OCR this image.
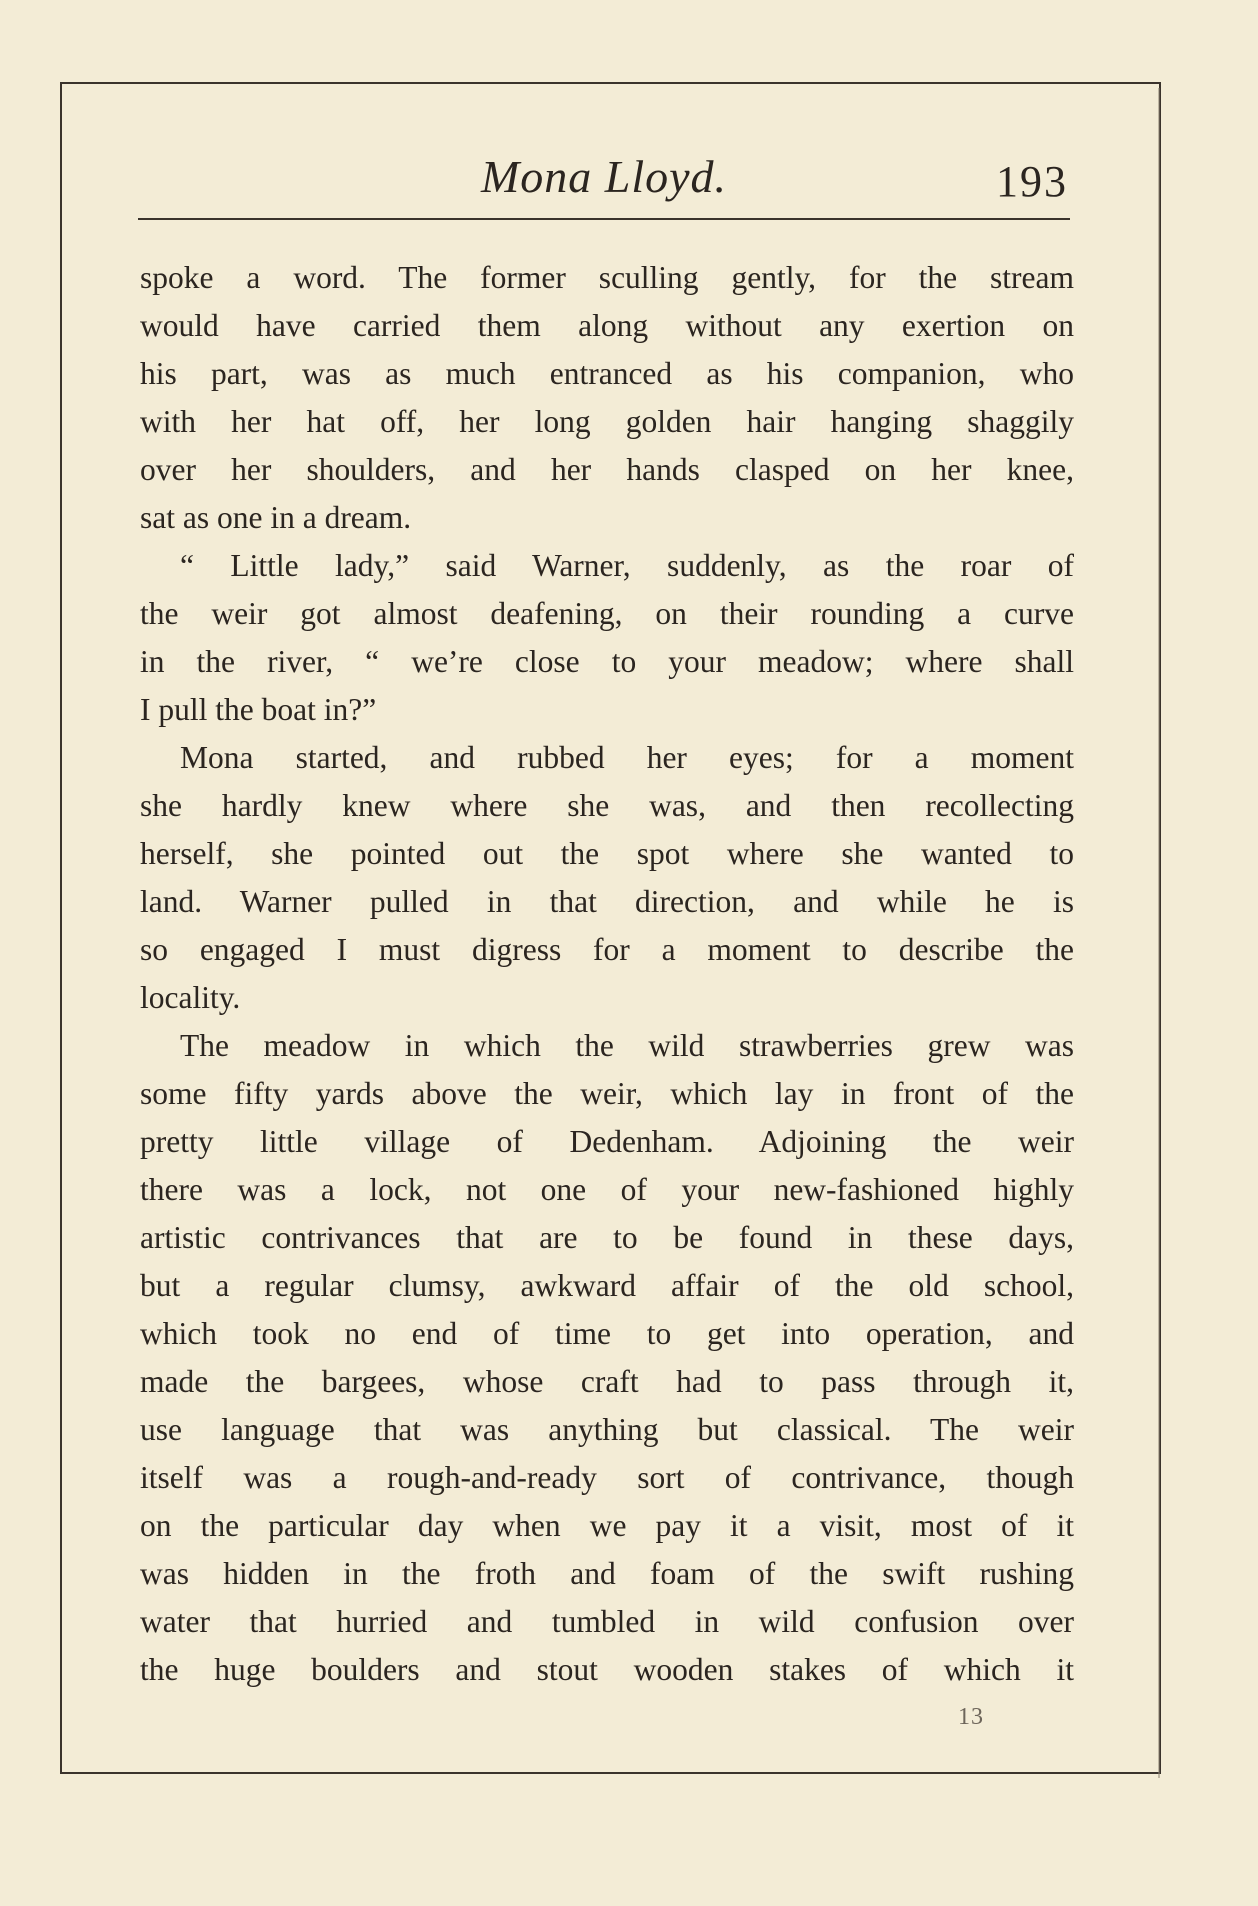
Mona Lloyd.	193
spoke a word. The former sculling gently, for the stream
would have carried them along without any exertion on
his part, was as much entranced as his companion, who
with her hat off, her long golden hair hanging shaggily
over her shoulders, and her hands clasped on her knee,
sat as one in a dream.
“ Little lady,” said Warner, suddenly, as the roar of
the weir got almost deafening, on their rounding a curve
in the river, “ we’re close to your meadow; where shall
I pull the boat in?”
Mona started, and rubbed her eyes; for a moment
she hardly knew where she was, and then recollecting
herself, she pointed out the spot where she wanted to
land. Warner pulled in that direction, and while he is
so engaged I must digress for a moment to describe the
locality.
The meadow in which the wild strawberries grew was
some fifty yards above the weir, which lay in front of the
pretty little village of Dedenham. Adjoining the weir
there was a lock, not one of your new-fashioned highly
artistic contrivances that are to be found in these days,
but a regular clumsy, awkward affair of the old school,
which took no end of time to get into operation, and
made the bargees, whose craft had to pass through it,
use language that was anything but classical. The weir
itself was a rough-and-ready sort of contrivance, though
on the particular day when we pay it a visit, most of it
was hidden in the froth and foam of the swift rushing
water that hurried and tumbled in wild confusion over
the huge boulders and stout wooden stakes of which it
13
